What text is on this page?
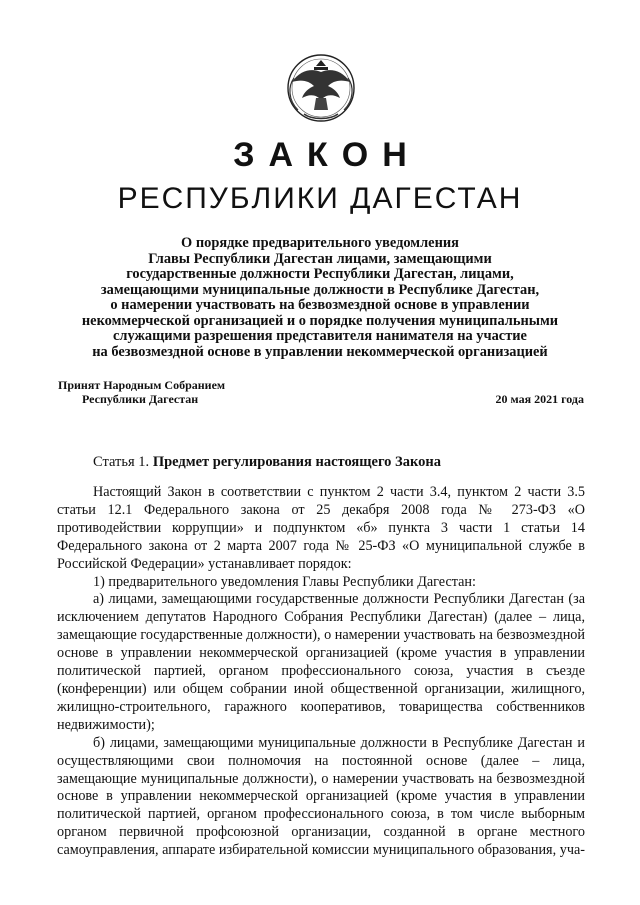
ЗАКОН
РЕСПУБЛИКИ ДАГЕСТАН
О порядке предварительного уведомления
Главы Республики Дагестан лицами, замещающими
государственные должности Республики Дагестан, лицами,
замещающими муниципальные должности в Республике Дагестан,
о намерении участвовать на безвозмездной основе в управлении
некоммерческой организацией и о порядке получения муниципальными
служащими разрешения представителя нанимателя на участие
на безвозмездной основе в управлении некоммерческой организацией
Принят Народным Собранием
Республики Дагестан	20 мая 2021 года
Статья 1. Предмет регулирования настоящего Закона

Настоящий Закон в соответствии с пунктом 2 части 3.4, пунктом 2 части 3.5 статьи 12.1 Федерального закона от 25 декабря 2008 года № 273-ФЗ «О противодействии коррупции» и подпунктом «б» пункта 3 части 1 статьи 14 Федерального закона от 2 марта 2007 года № 25-ФЗ «О муниципальной службе в Российской Федерации» устанавливает порядок:

1) предварительного уведомления Главы Республики Дагестан:

а) лицами, замещающими государственные должности Республики Дагестан (за исключением депутатов Народного Собрания Республики Дагестан) (далее – лица, замещающие государственные должности), о намерении участвовать на безвозмездной основе в управлении некоммерческой организацией (кроме участия в управлении политической партией, органом профессионального союза, участия в съезде (конференции) или общем собрании иной общественной организации, жилищного, жилищно-строительного, гаражного кооперативов, товарищества собственников недвижимости);

б) лицами, замещающими муниципальные должности в Республике Дагестан и осуществляющими свои полномочия на постоянной основе (далее – лица, замещающие муниципальные должности), о намерении участвовать на безвозмездной основе в управлении некоммерческой организацией (кроме участия в управлении политической партией, органом профессионального союза, в том числе выборным органом первичной профсоюзной организации, созданной в органе местного самоуправления, аппарате избирательной комиссии муниципального образования, уча-
